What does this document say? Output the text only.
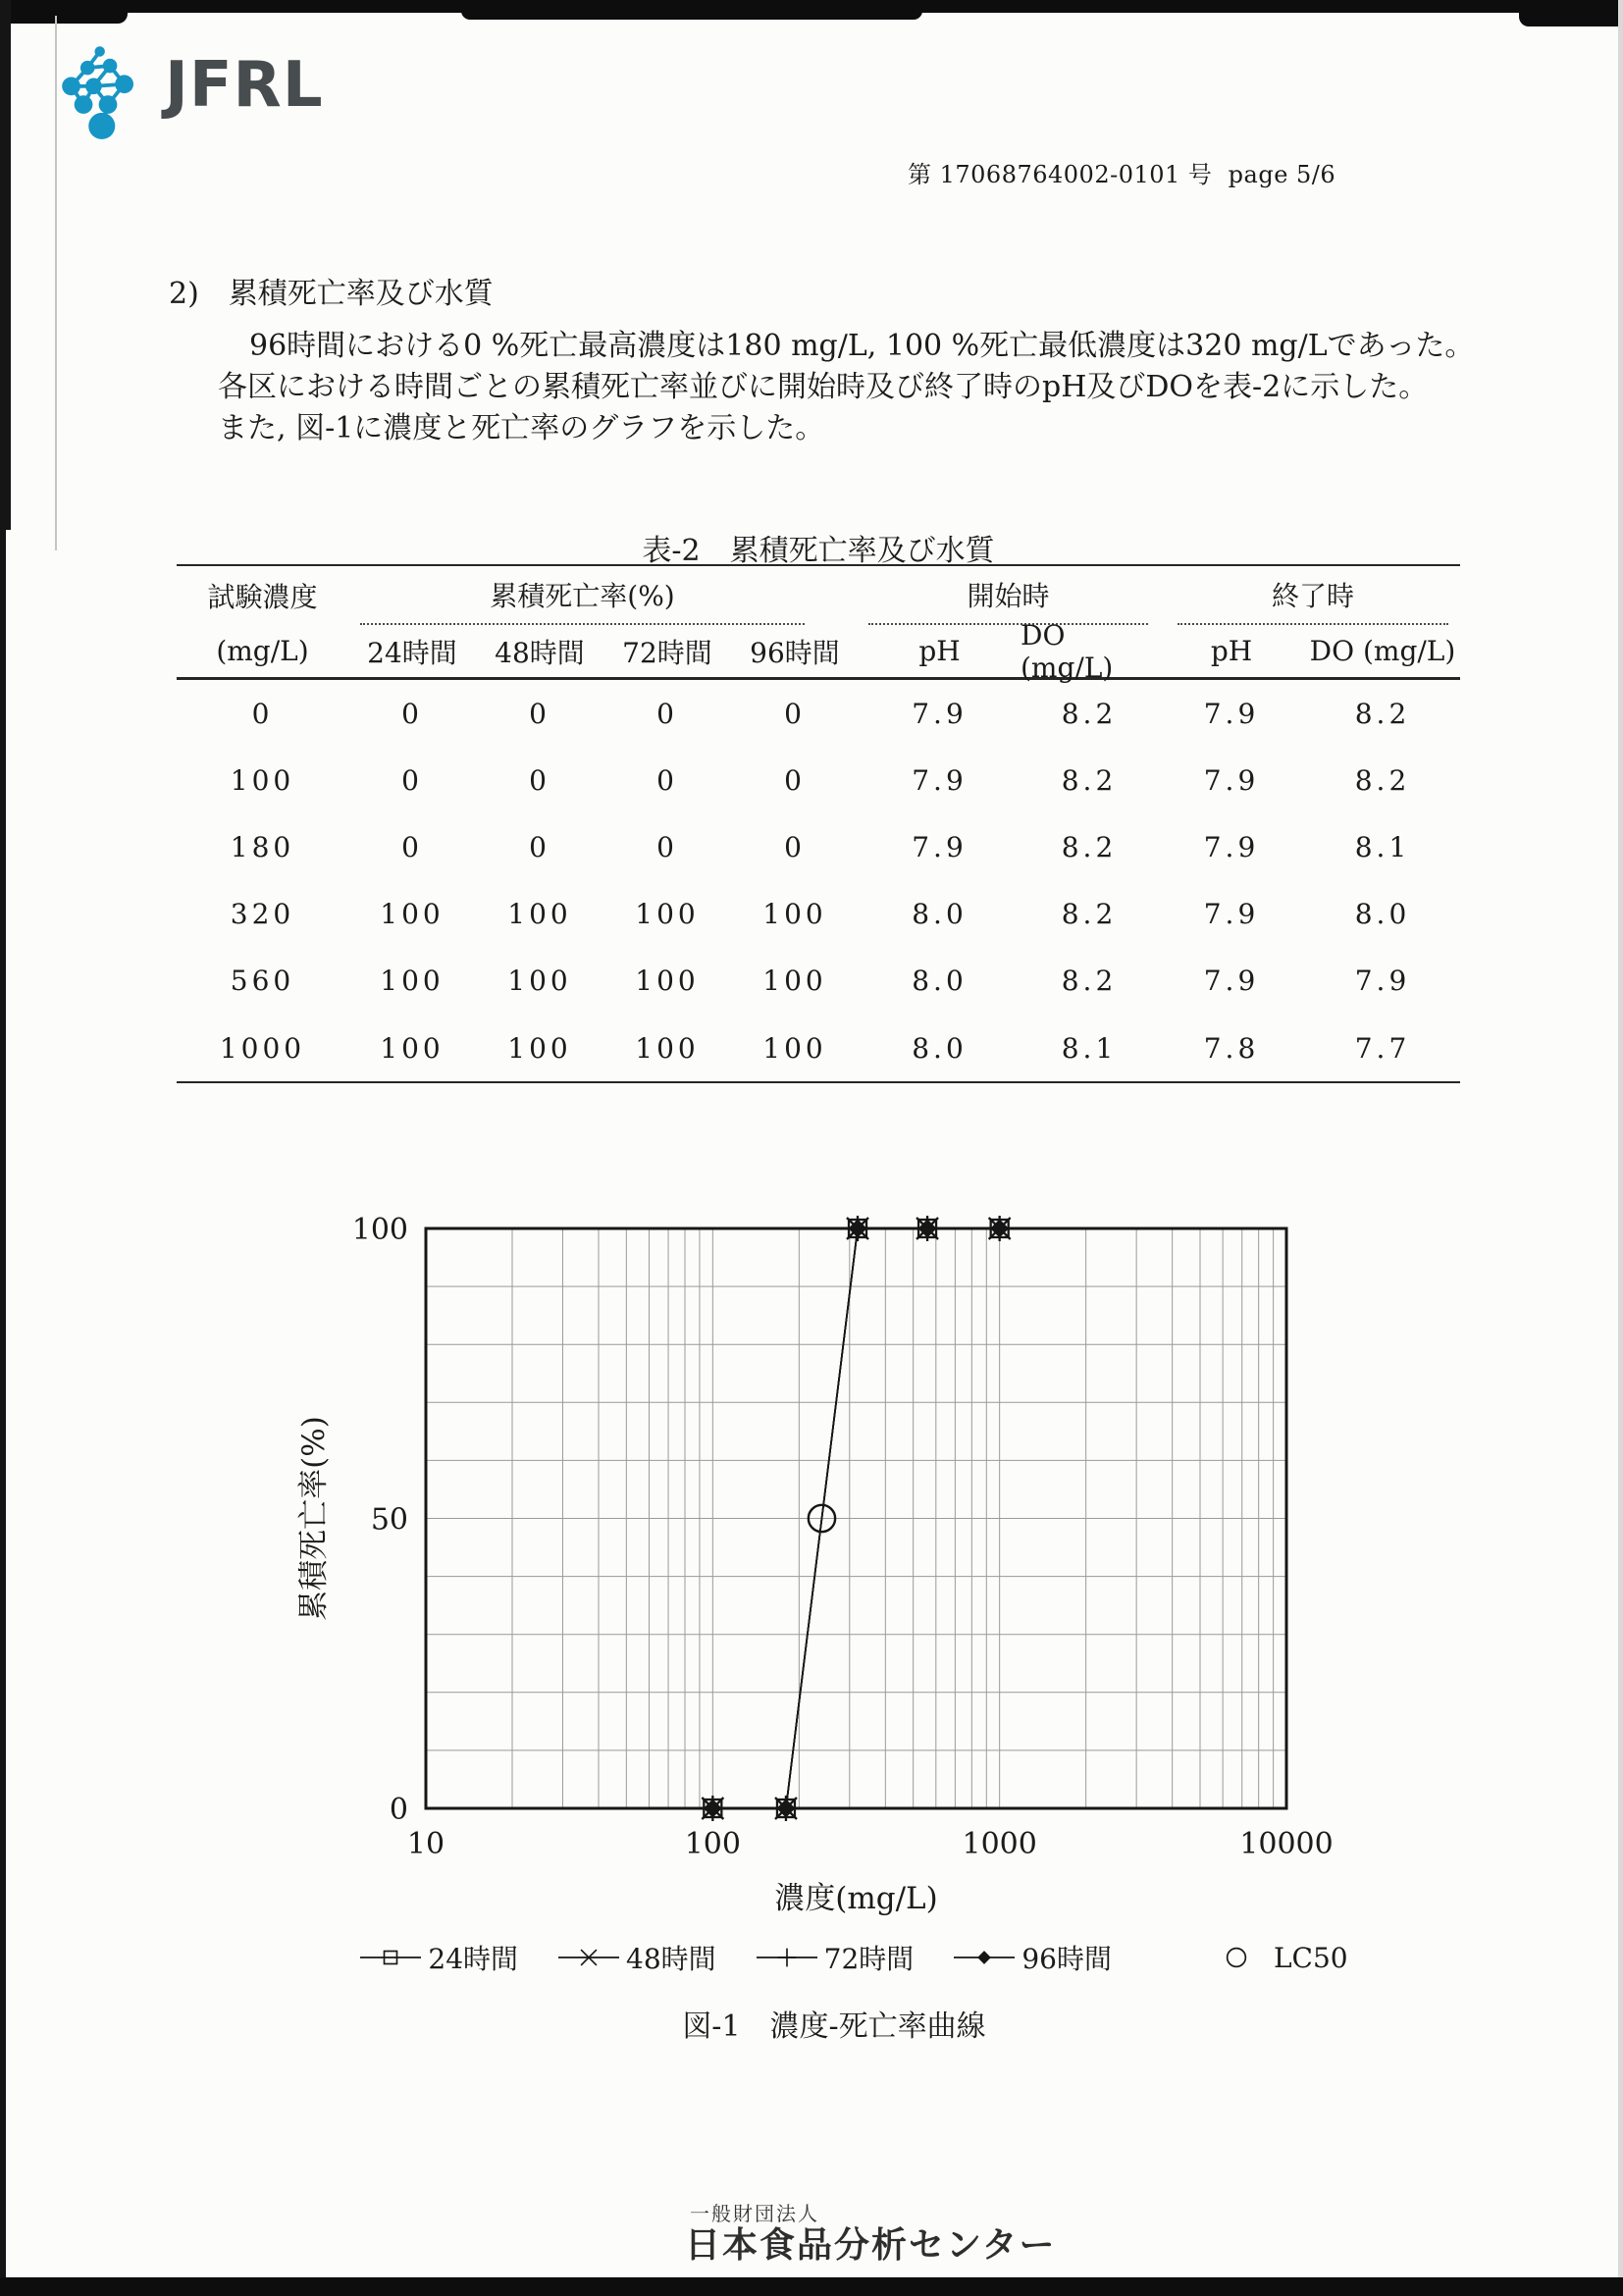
JFRL
第 17068764002-0101 号  page 5/6
2)　累積死亡率及び水質
96時間における0 %死亡最高濃度は180 mg/L, 100 %死亡最低濃度は320 mg/Lであった。
各区における時間ごとの累積死亡率並びに開始時及び終了時のpH及びDOを表-2に示した。
また, 図-1に濃度と死亡率のグラフを示した。
表-2　累積死亡率及び水質
試験濃度	累積死亡率(%)	開始時	終了時
(mg/L)	24時間	48時間	72時間	96時間	pH	DO (mg/L)	pH	DO (mg/L)
0	0	0	0	0	7.9	8.2	7.9	8.2
100	0	0	0	0	7.9	8.2	7.9	8.2
180	0	0	0	0	7.9	8.2	7.9	8.1
320	100	100	100	100	8.0	8.2	7.9	8.0
560	100	100	100	100	8.0	8.2	7.9	7.9
1000	100	100	100	100	8.0	8.1	7.8	7.7
0
50
100
10	100	1000	10000
濃度(mg/L)
累積死亡率(%)
24時間	48時間	72時間	96時間	LC50
図-1　濃度-死亡率曲線
一般財団法人
日本食品分析センター
